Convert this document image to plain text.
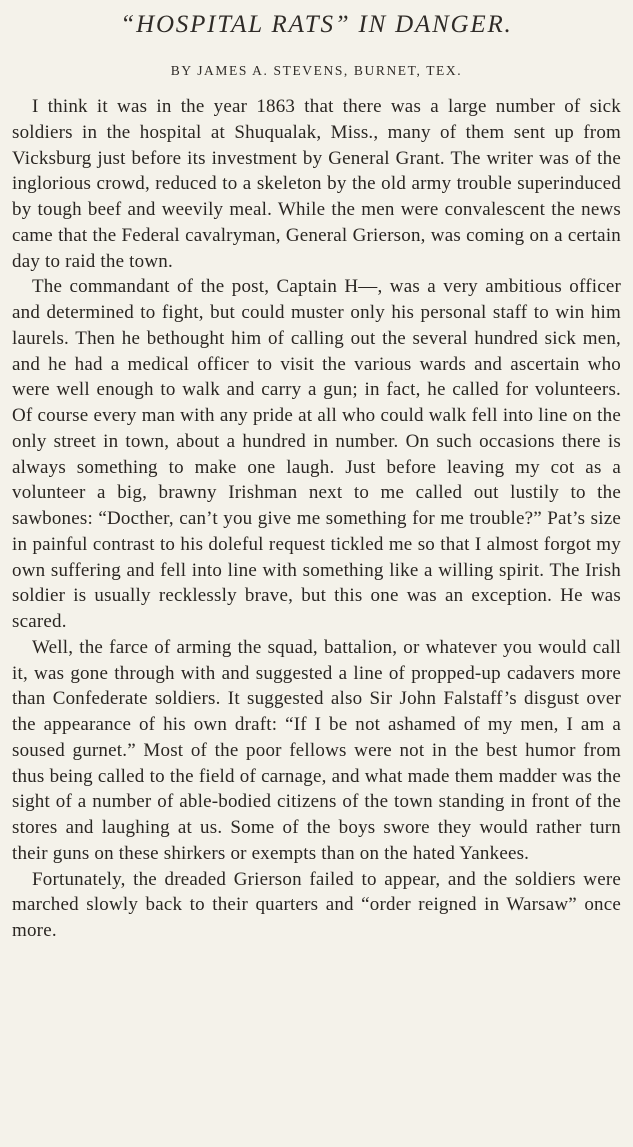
“HOSPITAL RATS” IN DANGER.
BY JAMES A. STEVENS, BURNET, TEX.

I think it was in the year 1863 that there was a large number of sick soldiers in the hospital at Shuqualak, Miss., many of them sent up from Vicksburg just before its investment by General Grant. The writer was of the inglorious crowd, reduced to a skeleton by the old army trouble superinduced by tough beef and weevily meal. While the men were convalescent the news came that the Federal cavalryman, General Grierson, was coming on a certain day to raid the town.

The commandant of the post, Captain H—, was a very ambitious officer and determined to fight, but could muster only his personal staff to win him laurels. Then he bethought him of calling out the several hundred sick men, and he had a medical officer to visit the various wards and ascertain who were well enough to walk and carry a gun; in fact, he called for volunteers. Of course every man with any pride at all who could walk fell into line on the only street in town, about a hundred in number. On such occasions there is always something to make one laugh. Just before leaving my cot as a volunteer a big, brawny Irishman next to me called out lustily to the sawbones: “Docther, can’t you give me something for me trouble?” Pat’s size in painful contrast to his doleful request tickled me so that I almost forgot my own suffering and fell into line with something like a willing spirit. The Irish soldier is usually recklessly brave, but this one was an exception. He was scared.

Well, the farce of arming the squad, battalion, or whatever you would call it, was gone through with and suggested a line of propped-up cadavers more than Confederate soldiers. It suggested also Sir John Falstaff’s disgust over the appearance of his own draft: “If I be not ashamed of my men, I am a soused gurnet.” Most of the poor fellows were not in the best humor from thus being called to the field of carnage, and what made them madder was the sight of a number of able-bodied citizens of the town standing in front of the stores and laughing at us. Some of the boys swore they would rather turn their guns on these shirkers or exempts than on the hated Yankees.

Fortunately, the dreaded Grierson failed to appear, and the soldiers were marched slowly back to their quarters and “order reigned in Warsaw” once more.
